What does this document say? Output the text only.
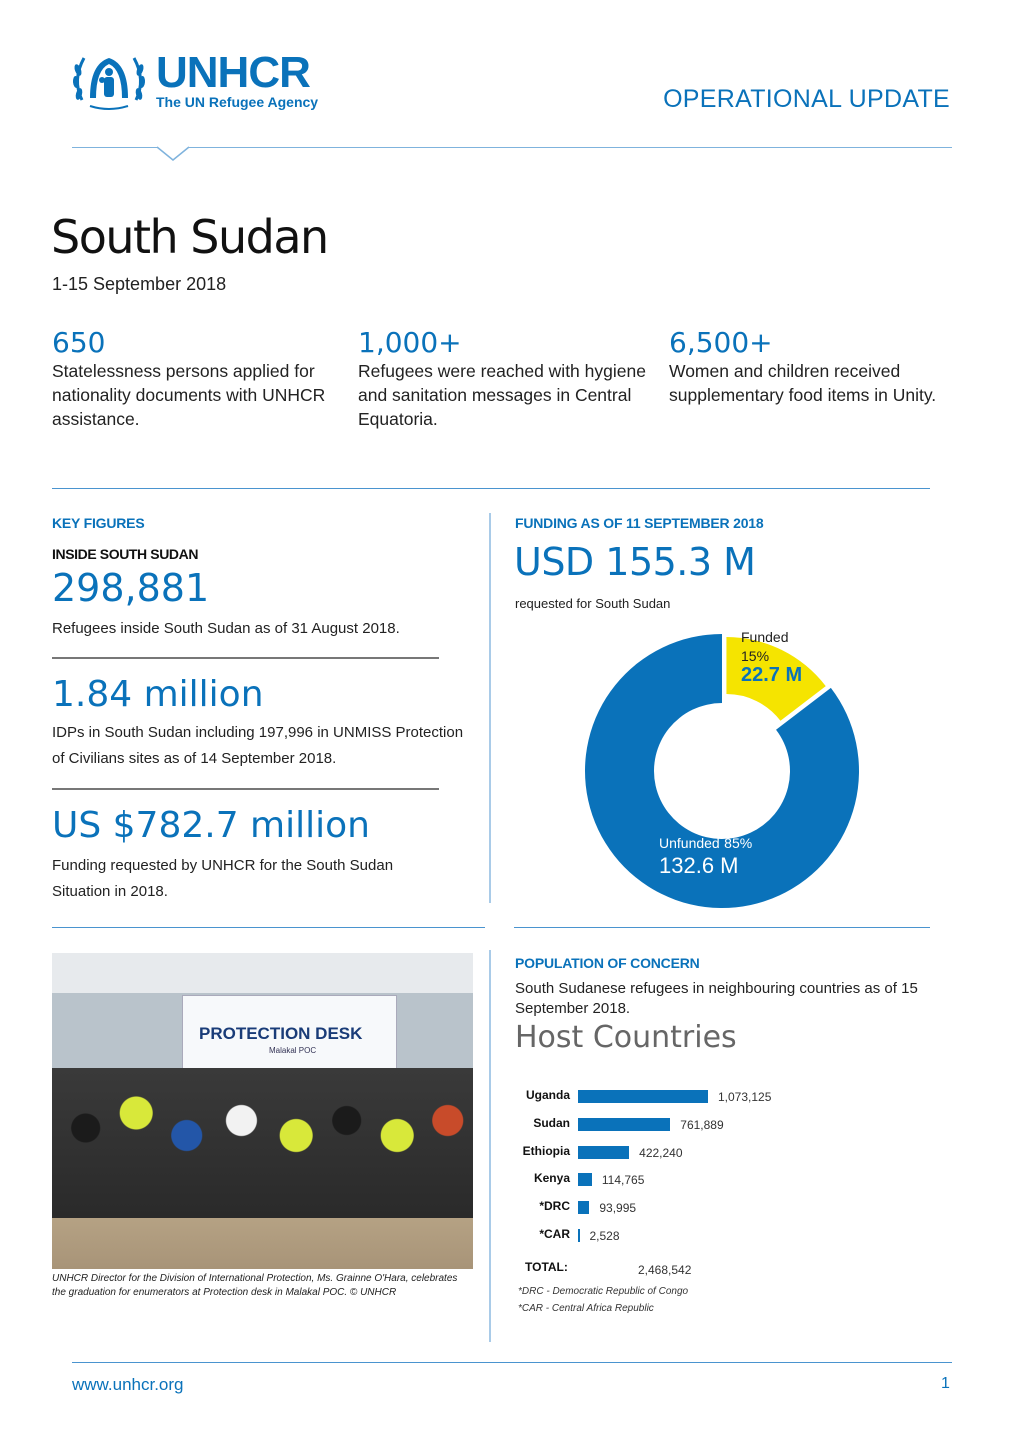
UNHCR
The UN Refugee Agency	OPERATIONAL UPDATE
South Sudan
1-15 September 2018
650
Statelessness persons applied for nationality documents with UNHCR assistance.
1,000+
Refugees were reached with hygiene and sanitation messages in Central Equatoria.
6,500+
Women and children received supplementary food items in Unity.
KEY FIGURES
INSIDE SOUTH SUDAN
298,881
Refugees inside South Sudan as of 31 August 2018.
1.84 million
IDPs in South Sudan including 197,996 in UNMISS Protection of Civilians sites as of 14 September 2018.
US $782.7 million
Funding requested by UNHCR for the South Sudan Situation in 2018.
FUNDING AS OF 11 SEPTEMBER 2018
USD 155.3 M
requested for South Sudan
Funded
15%
22.7 M
Unfunded 85%
132.6 M
PROTECTION DESK
Malakal POC
UNHCR Director for the Division of International Protection, Ms. Grainne O'Hara, celebrates the graduation for enumerators at Protection desk in Malakal POC. © UNHCR
POPULATION OF CONCERN
South Sudanese refugees in neighbouring countries as of 15 September 2018.
Host Countries
Uganda	1,073,125
Sudan	761,889
Ethiopia	422,240
Kenya	114,765
*DRC 93,995
*CAR 2,528
TOTAL:	2,468,542
*DRC - Democratic Republic of Congo
*CAR - Central Africa Republic
www.unhcr.org	1
